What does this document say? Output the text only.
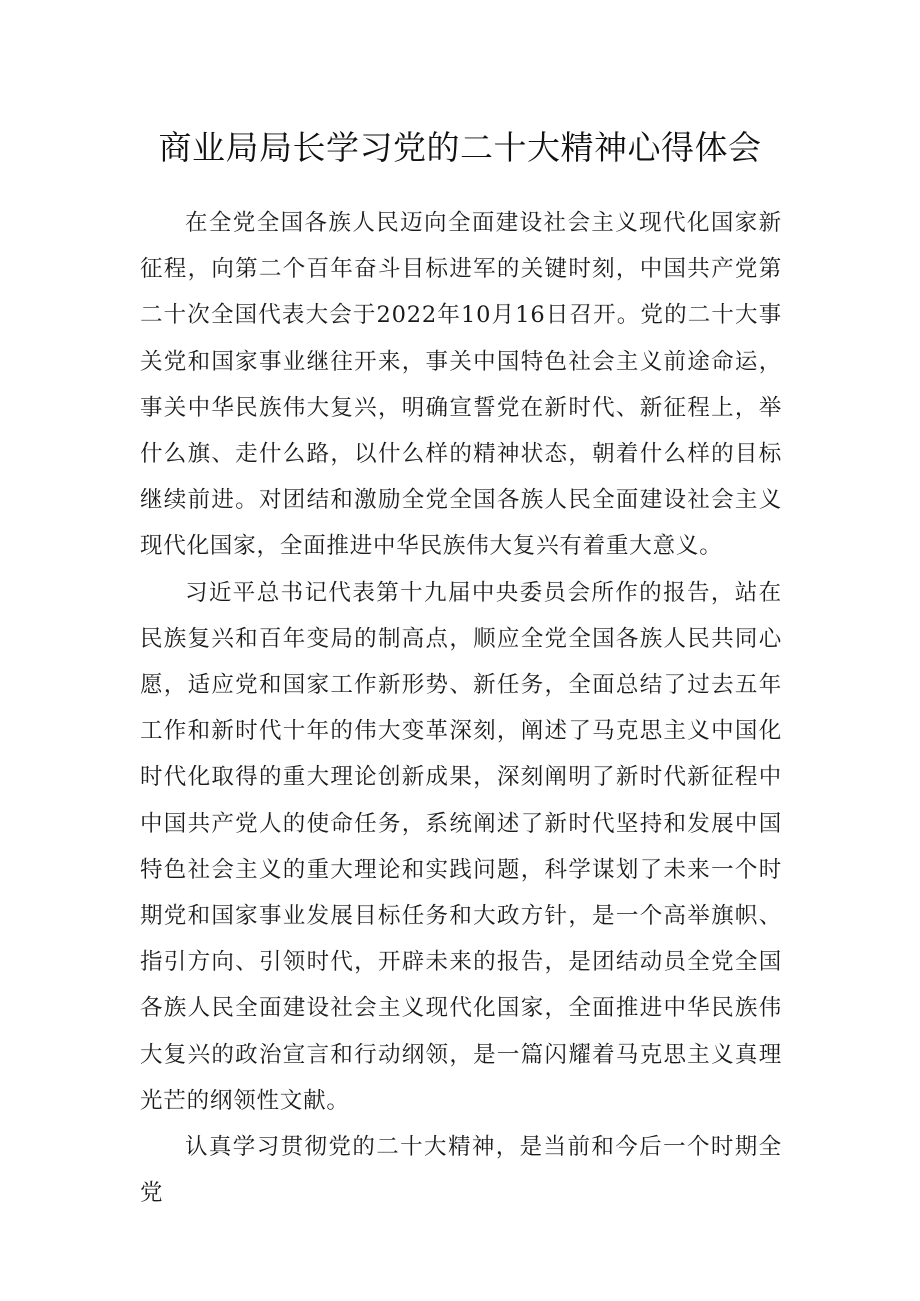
商业局局长学习党的二十大精神心得体会

在全党全国各族人民迈向全面建设社会主义现代化国家新征程，向第二个百年奋斗目标进军的关键时刻，中国共产党第二十次全国代表大会于2022年10月16日召开。党的二十大事关党和国家事业继往开来，事关中国特色社会主义前途命运，事关中华民族伟大复兴，明确宣誓党在新时代、新征程上，举什么旗、走什么路，以什么样的精神状态，朝着什么样的目标继续前进。对团结和激励全党全国各族人民全面建设社会主义现代化国家，全面推进中华民族伟大复兴有着重大意义。

习近平总书记代表第十九届中央委员会所作的报告，站在民族复兴和百年变局的制高点，顺应全党全国各族人民共同心愿，适应党和国家工作新形势、新任务，全面总结了过去五年工作和新时代十年的伟大变革深刻，阐述了马克思主义中国化时代化取得的重大理论创新成果，深刻阐明了新时代新征程中中国共产党人的使命任务，系统阐述了新时代坚持和发展中国特色社会主义的重大理论和实践问题，科学谋划了未来一个时期党和国家事业发展目标任务和大政方针，是一个高举旗帜、指引方向、引领时代，开辟未来的报告，是团结动员全党全国各族人民全面建设社会主义现代化国家，全面推进中华民族伟大复兴的政治宣言和行动纲领，是一篇闪耀着马克思主义真理光芒的纲领性文献。

认真学习贯彻党的二十大精神，是当前和今后一个时期全党
